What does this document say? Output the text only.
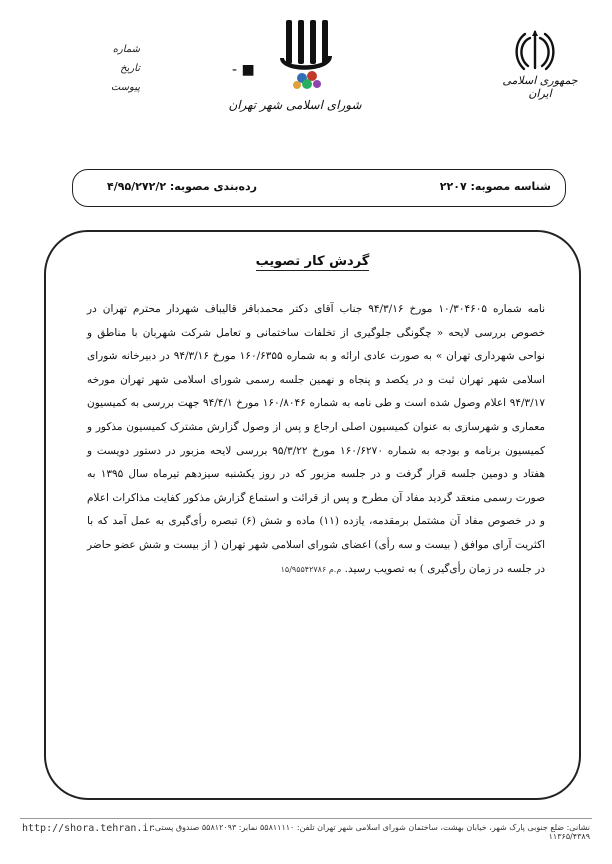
جمهوری اسلامی ایران
- ■
شورای اسلامی شهر تهران
شماره
تاریخ
پیوست
شناسه مصوبه: ۲۲۰۷
رده‌بندی مصوبه: ۴/۹۵/۲۷۲/۲
گردش کار تصویب
نامه شماره ۱۰/۳۰۴۶۰۵ مورخ ۹۴/۳/۱۶ جناب آقای دکتر محمدباقر قالیباف شهردار محترم تهران در خصوص بررسی لایحه « چگونگی جلوگیری از تخلفات ساختمانی و تعامل شرکت شهربان با مناطق و نواحی شهرداری تهران » به صورت عادی ارائه و به شماره ۱۶۰/۶۳۵۵ مورخ ۹۴/۳/۱۶ در دبیرخانه شورای اسلامی شهر تهران ثبت و در یکصد و پنجاه و نهمین جلسه رسمی شورای اسلامی شهر تهران مورخه ۹۴/۳/۱۷ اعلام وصول شده است و طی نامه به شماره ۱۶۰/۸۰۴۶ مورخ ۹۴/۴/۱ جهت بررسی به کمیسیون معماری و شهرسازی به عنوان کمیسیون اصلی ارجاع و پس از وصول گزارش مشترک کمیسیون مذکور و کمیسیون برنامه و بودجه به شماره ۱۶۰/۶۲۷۰ مورخ ۹۵/۳/۲۲ بررسی لایحه مزبور در دستور دویست و هفتاد و دومین جلسه قرار گرفت و در جلسه مزبور که در روز یکشنبه سیزدهم تیرماه سال ۱۳۹۵ به صورت رسمی منعقد گردید مفاد آن مطرح و پس از قرائت و استماع گزارش مذکور کفایت مذاکرات اعلام و در خصوص مفاد آن مشتمل برمقدمه، یازده (۱۱) ماده و شش (۶) تبصره رأی‌گیری به عمل آمد که با اکثریت آرای موافق ( بیست و سه رأی) اعضای شورای اسلامی شهر تهران ( از بیست و شش عضو حاضر در جلسه در زمان رأی‌گیری ) به تصویب رسید. م.م ۱۵/۹۵۵۴۲۷۸۶
http://shora.tehran.ir
نشانی: ضلع جنوبی پارک شهر، خیابان بهشت، ساختمان شورای اسلامی شهر تهران تلفن: ۵۵۸۱۱۱۱۰ نمابر: ۵۵۸۱۲۰۹۳ صندوق پستی: ۱۱۳۶۵/۴۳۸۹
